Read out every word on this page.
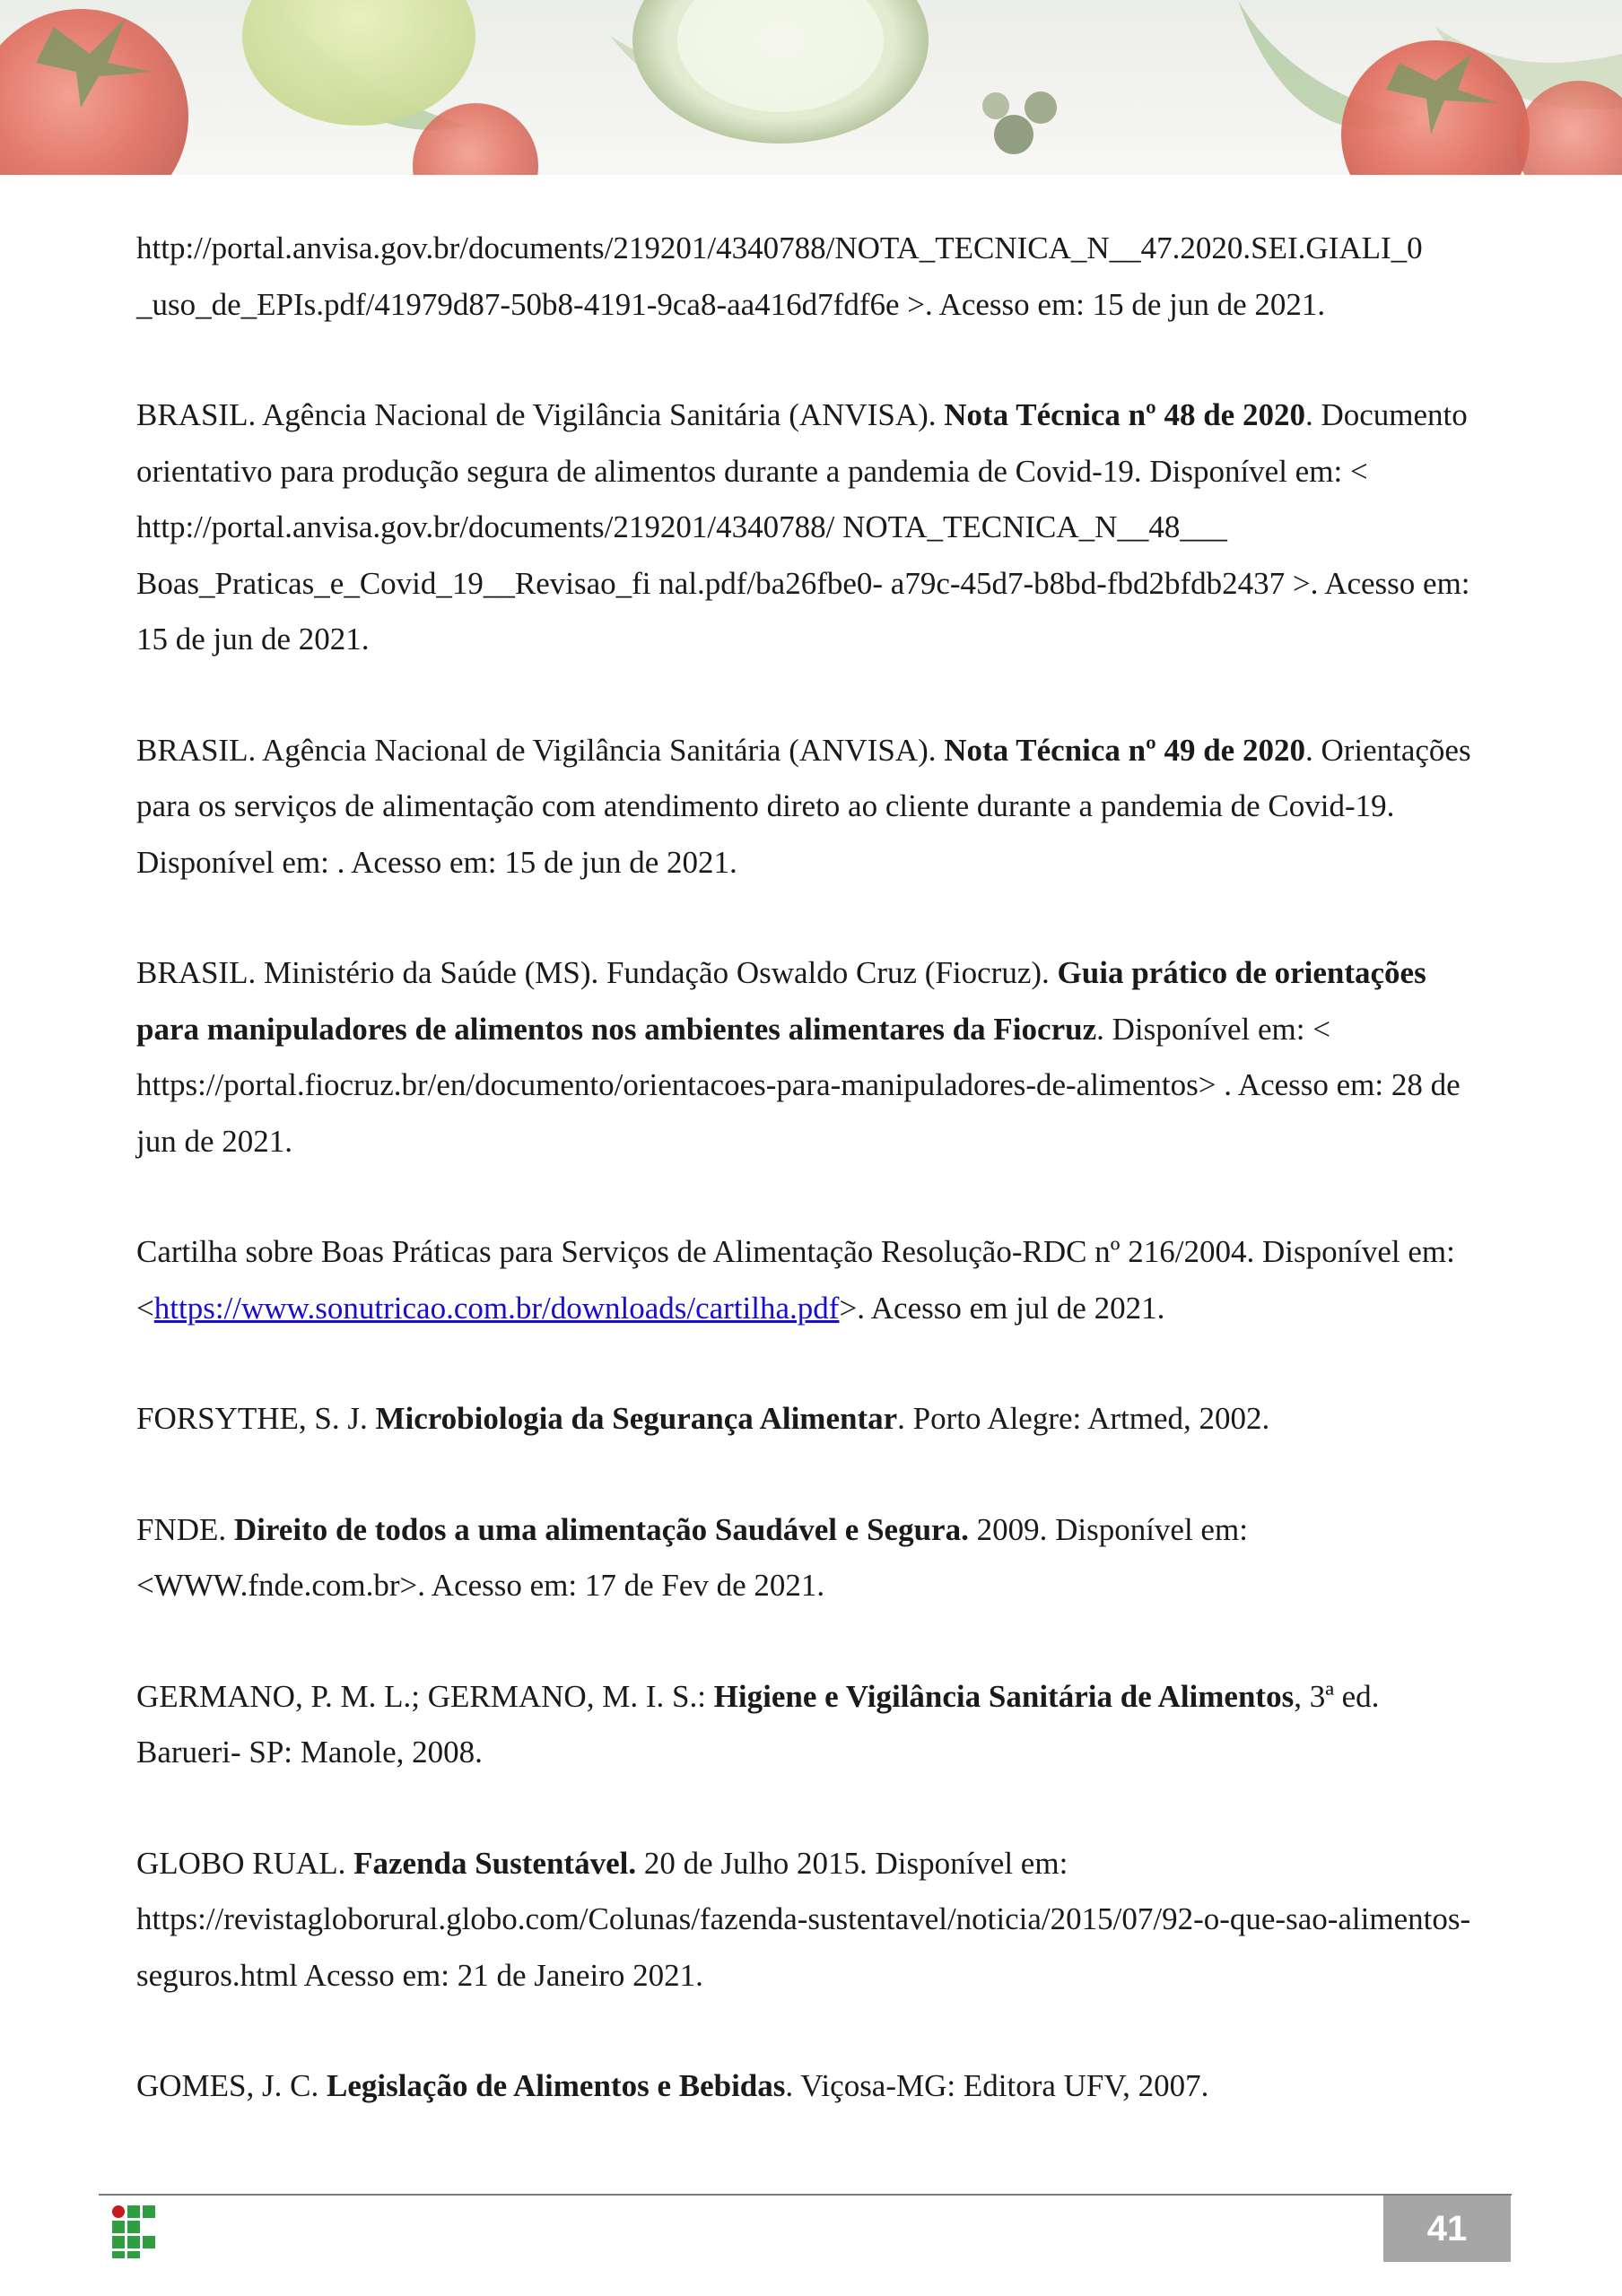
http://portal.anvisa.gov.br/documents/219201/4340788/NOTA_TECNICA_N__47.2020.SEI.GIALI_0 _uso_de_EPIs.pdf/41979d87-50b8-4191-9ca8-aa416d7fdf6e >. Acesso em: 15 de jun de 2021.

BRASIL. Agência Nacional de Vigilância Sanitária (ANVISA). Nota Técnica nº 48 de 2020. Documento orientativo para produção segura de alimentos durante a pandemia de Covid-19. Disponível em: < http://portal.anvisa.gov.br/documents/219201/4340788/ NOTA_TECNICA_N__48___ Boas_Praticas_e_Covid_19__Revisao_fi nal.pdf/ba26fbe0- a79c-45d7-b8bd-fbd2bfdb2437 >. Acesso em: 15 de jun de 2021.

BRASIL. Agência Nacional de Vigilância Sanitária (ANVISA). Nota Técnica nº 49 de 2020. Orientações para os serviços de alimentação com atendimento direto ao cliente durante a pandemia de Covid-19. Disponível em: . Acesso em: 15 de jun de 2021.

BRASIL. Ministério da Saúde (MS). Fundação Oswaldo Cruz (Fiocruz). Guia prático de orientações para manipuladores de alimentos nos ambientes alimentares da Fiocruz. Disponível em: < https://portal.fiocruz.br/en/documento/orientacoes-para-manipuladores-de-alimentos> . Acesso em: 28 de jun de 2021.

Cartilha sobre Boas Práticas para Serviços de Alimentação Resolução-RDC nº 216/2004. Disponível em: <https://www.sonutricao.com.br/downloads/cartilha.pdf>. Acesso em jul de 2021.

FORSYTHE, S. J. Microbiologia da Segurança Alimentar. Porto Alegre: Artmed, 2002.

FNDE. Direito de todos a uma alimentação Saudável e Segura. 2009. Disponível em: <WWW.fnde.com.br>. Acesso em: 17 de Fev de 2021.

GERMANO, P. M. L.; GERMANO, M. I. S.: Higiene e Vigilância Sanitária de Alimentos, 3ª ed. Barueri- SP: Manole, 2008.

GLOBO RUAL. Fazenda Sustentável. 20 de Julho 2015. Disponível em: https://revistagloborural.globo.com/Colunas/fazenda-sustentavel/noticia/2015/07/92-o-que-sao-alimentos-seguros.html Acesso em: 21 de Janeiro 2021.

GOMES, J. C. Legislação de Alimentos e Bebidas. Viçosa-MG: Editora UFV, 2007.

41
